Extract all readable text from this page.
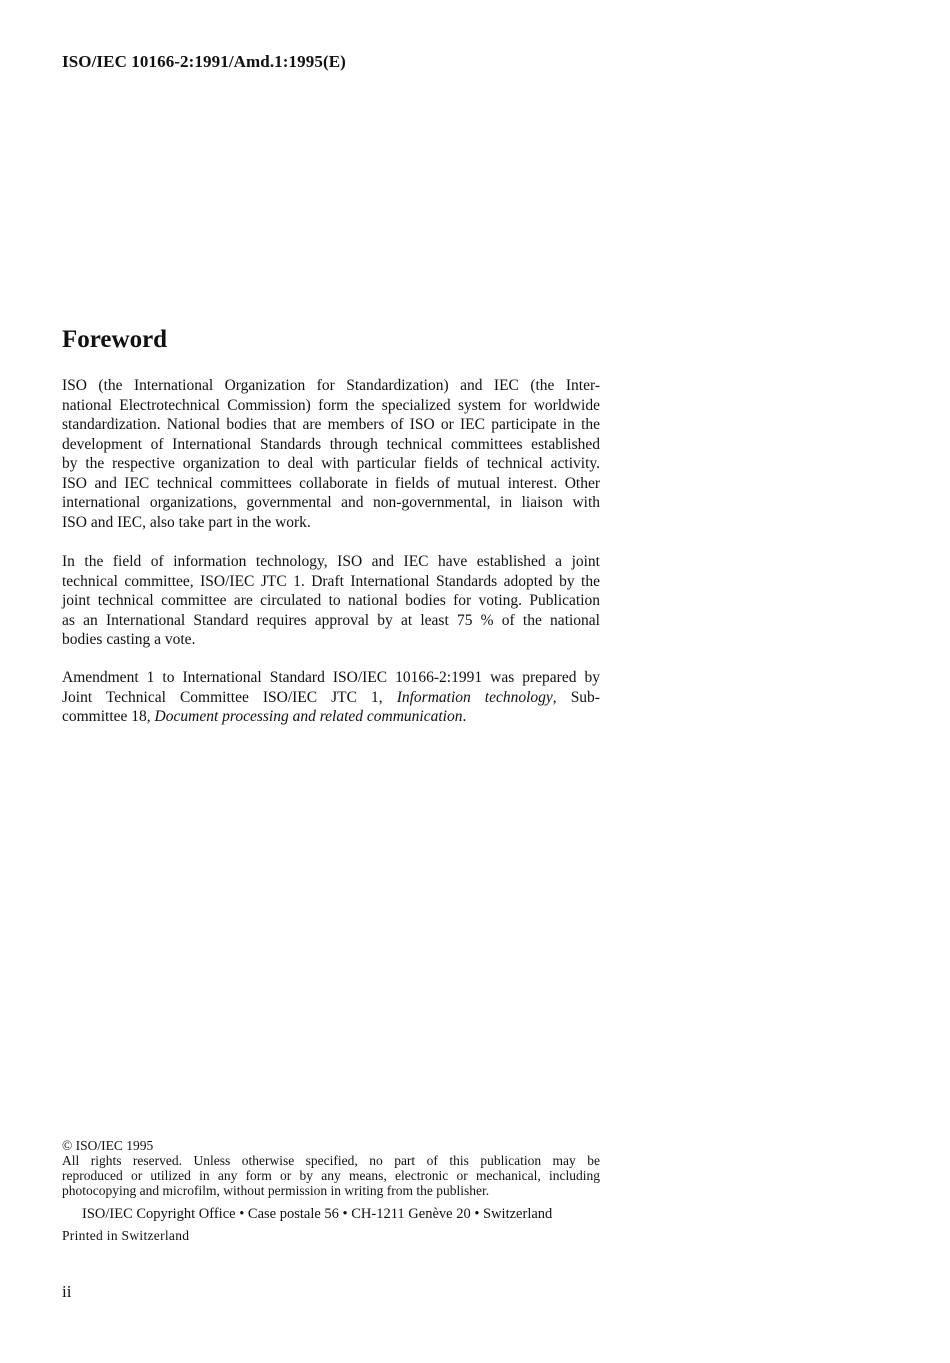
ISO/IEC 10166-2:1991/Amd.1:1995(E)
Foreword
ISO (the International Organization for Standardization) and IEC (the Inter-
national Electrotechnical Commission) form the specialized system for worldwide
standardization. National bodies that are members of ISO or IEC participate in the
development of International Standards through technical committees established
by the respective organization to deal with particular fields of technical activity.
ISO and IEC technical committees collaborate in fields of mutual interest. Other
international organizations, governmental and non-governmental, in liaison with
ISO and IEC, also take part in the work.
In the field of information technology, ISO and IEC have established a joint
technical committee, ISO/IEC JTC 1. Draft International Standards adopted by the
joint technical committee are circulated to national bodies for voting. Publication
as an International Standard requires approval by at least 75 % of the national
bodies casting a vote.
Amendment 1 to International Standard ISO/IEC 10166-2:1991 was prepared by
Joint Technical Committee ISO/IEC JTC 1, Information technology, Sub-
committee 18, Document processing and related communication.
© ISO/IEC 1995
All rights reserved. Unless otherwise specified, no part of this publication may be
reproduced or utilized in any form or by any means, electronic or mechanical, including
photocopying and microfilm, without permission in writing from the publisher.
ISO/IEC Copyright Office • Case postale 56 • CH-1211 Genève 20 • Switzerland
Printed in Switzerland
ii
